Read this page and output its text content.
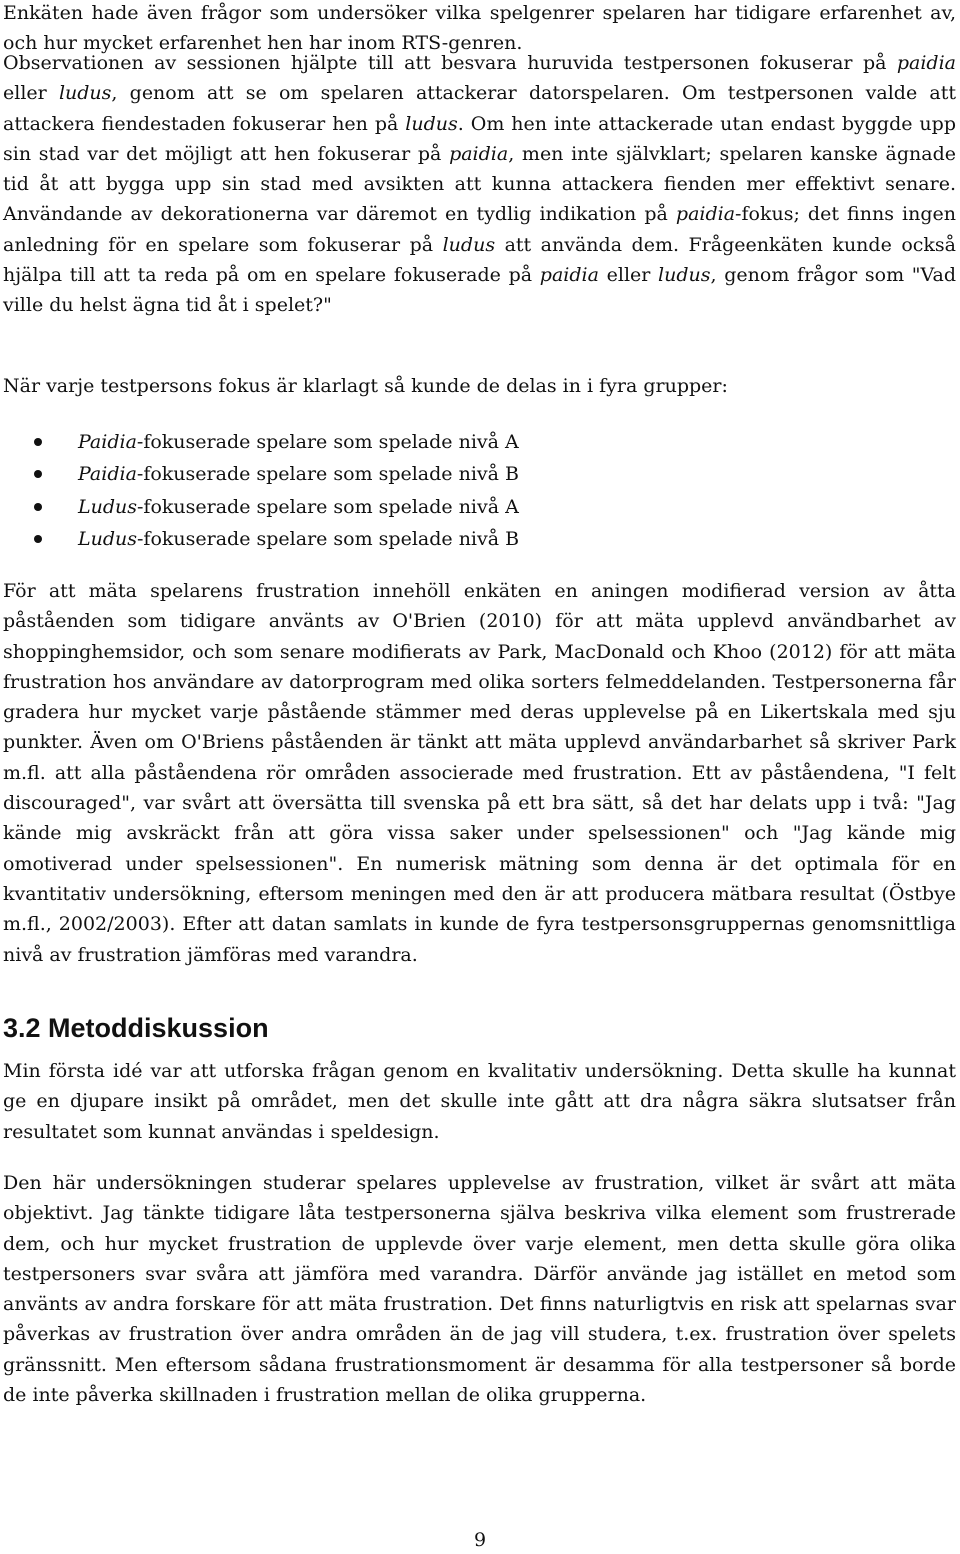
Enkäten hade även frågor som undersöker vilka spelgenrer spelaren har tidigare erfarenhet av, och hur mycket erfarenhet hen har inom RTS-genren.

Observationen av sessionen hjälpte till att besvara huruvida testpersonen fokuserar på paidia eller ludus, genom att se om spelaren attackerar datorspelaren. Om testpersonen valde att attackera fiendestaden fokuserar hen på ludus. Om hen inte attackerade utan endast byggde upp sin stad var det möjligt att hen fokuserar på paidia, men inte självklart; spelaren kanske ägnade tid åt att bygga upp sin stad med avsikten att kunna attackera fienden mer effektivt senare. Användande av dekorationerna var däremot en tydlig indikation på paidia-fokus; det finns ingen anledning för en spelare som fokuserar på ludus att använda dem. Frågeenkäten kunde också hjälpa till att ta reda på om en spelare fokuserade på paidia eller ludus, genom frågor som "Vad ville du helst ägna tid åt i spelet?"

När varje testpersons fokus är klarlagt så kunde de delas in i fyra grupper:

Paidia-fokuserade spelare som spelade nivå A
Paidia-fokuserade spelare som spelade nivå B
Ludus-fokuserade spelare som spelade nivå A
Ludus-fokuserade spelare som spelade nivå B

För att mäta spelarens frustration innehöll enkäten en aningen modifierad version av åtta påståenden som tidigare använts av O'Brien (2010) för att mäta upplevd användbarhet av shoppinghemsidor, och som senare modifierats av Park, MacDonald och Khoo (2012) för att mäta frustration hos användare av datorprogram med olika sorters felmeddelanden. Testpersonerna får gradera hur mycket varje påstående stämmer med deras upplevelse på en Likertskala med sju punkter. Även om O'Briens påståenden är tänkt att mäta upplevd användarbarhet så skriver Park m.fl. att alla påståendena rör områden associerade med frustration. Ett av påståendena, "I felt discouraged", var svårt att översätta till svenska på ett bra sätt, så det har delats upp i två: "Jag kände mig avskräckt från att göra vissa saker under spelsessionen" och "Jag kände mig omotiverad under spelsessionen". En numerisk mätning som denna är det optimala för en kvantitativ undersökning, eftersom meningen med den är att producera mätbara resultat (Östbye m.fl., 2002/2003). Efter att datan samlats in kunde de fyra testpersonsgruppernas genomsnittliga nivå av frustration jämföras med varandra.

3.2 Metoddiskussion

Min första idé var att utforska frågan genom en kvalitativ undersökning. Detta skulle ha kunnat ge en djupare insikt på området, men det skulle inte gått att dra några säkra slutsatser från resultatet som kunnat användas i speldesign.

Den här undersökningen studerar spelares upplevelse av frustration, vilket är svårt att mäta objektivt. Jag tänkte tidigare låta testpersonerna själva beskriva vilka element som frustrerade dem, och hur mycket frustration de upplevde över varje element, men detta skulle göra olika testpersoners svar svåra att jämföra med varandra. Därför använde jag istället en metod som använts av andra forskare för att mäta frustration. Det finns naturligtvis en risk att spelarnas svar påverkas av frustration över andra områden än de jag vill studera, t.ex. frustration över spelets gränssnitt. Men eftersom sådana frustrationsmoment är desamma för alla testpersoner så borde de inte påverka skillnaden i frustration mellan de olika grupperna.

9
